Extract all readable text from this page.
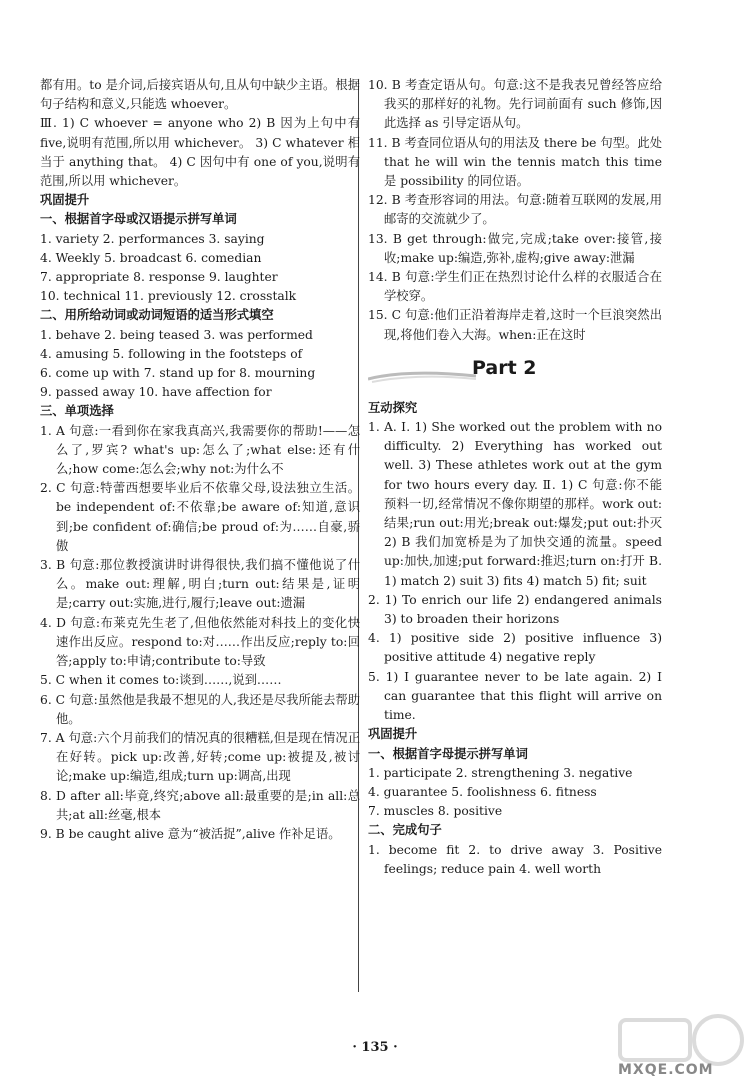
都有用。to 是介词,后接宾语从句,且从句中缺少主语。根据句子结构和意义,只能选 whoever。

Ⅲ. 1) C whoever = anyone who 2) B 因为上句中有 five,说明有范围,所以用 whichever。 3) C whatever 相当于 anything that。 4) C 因句中有 one of you,说明有范围,所以用 whichever。

巩固提升

一、根据首字母或汉语提示拼写单词

1. variety 2. performances 3. saying

4. Weekly 5. broadcast 6. comedian

7. appropriate 8. response 9. laughter

10. technical 11. previously 12. crosstalk

二、用所给动词或动词短语的适当形式填空

1. behave 2. being teased 3. was performed

4. amusing 5. following in the footsteps of

6. come up with 7. stand up for 8. mourning

9. passed away 10. have affection for

三、单项选择

1. A 句意:一看到你在家我真高兴,我需要你的帮助!——怎么了,罗宾? what's up:怎么了;what else:还有什么;how come:怎么会;why not:为什么不

2. C 句意:特蕾西想要毕业后不依靠父母,设法独立生活。be independent of:不依靠;be aware of:知道,意识到;be confident of:确信;be proud of:为……自豪,骄傲

3. B 句意:那位教授演讲时讲得很快,我们搞不懂他说了什么。make out:理解,明白;turn out:结果是,证明是;carry out:实施,进行,履行;leave out:遗漏

4. D 句意:布莱克先生老了,但他依然能对科技上的变化快速作出反应。respond to:对……作出反应;reply to:回答;apply to:申请;contribute to:导致

5. C when it comes to:谈到……,说到……

6. C 句意:虽然他是我最不想见的人,我还是尽我所能去帮助他。

7. A 句意:六个月前我们的情况真的很糟糕,但是现在情况正在好转。pick up:改善,好转;come up:被提及,被讨论;make up:编造,组成;turn up:调高,出现

8. D after all:毕竟,终究;above all:最重要的是;in all:总共;at all:丝毫,根本

9. B be caught alive 意为“被活捉”,alive 作补足语。

10. B 考查定语从句。句意:这不是我表兄曾经答应给我买的那样好的礼物。先行词前面有 such 修饰,因此选择 as 引导定语从句。

11. B 考查同位语从句的用法及 there be 句型。此处 that he will win the tennis match this time 是 possibility 的同位语。

12. B 考查形容词的用法。句意:随着互联网的发展,用邮寄的交流就少了。

13. B get through:做完,完成;take over:接管,接收;make up:编造,弥补,虚构;give away:泄漏

14. B 句意:学生们正在热烈讨论什么样的衣服适合在学校穿。

15. C 句意:他们正沿着海岸走着,这时一个巨浪突然出现,将他们卷入大海。when:正在这时

Part 2

互动探究

1. A. Ⅰ. 1) She worked out the problem with no difficulty. 2) Everything has worked out well. 3) These athletes work out at the gym for two hours every day. Ⅱ. 1) C 句意:你不能预料一切,经常情况不像你期望的那样。work out:结果;run out:用光;break out:爆发;put out:扑灭 2) B 我们加宽桥是为了加快交通的流量。speed up:加快,加速;put forward:推迟;turn on:打开 B. 1) match 2) suit 3) fits 4) match 5) fit; suit

2. 1) To enrich our life 2) endangered animals 3) to broaden their horizons

4. 1) positive side 2) positive influence 3) positive attitude 4) negative reply

5. 1) I guarantee never to be late again. 2) I can guarantee that this flight will arrive on time.

巩固提升

一、根据首字母提示拼写单词

1. participate 2. strengthening 3. negative

4. guarantee 5. foolishness 6. fitness

7. muscles 8. positive

二、完成句子

1. become fit 2. to drive away 3. Positive feelings; reduce pain 4. well worth

· 135 ·
MXQE.COM
